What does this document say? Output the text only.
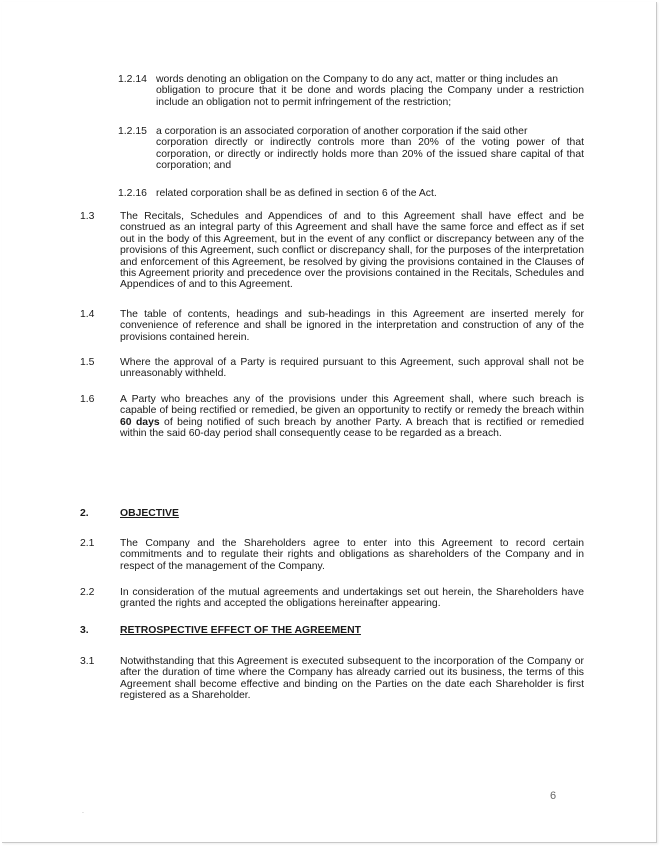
1.2.14 words denoting an obligation on the Company to do any act, matter or thing includes an
obligation to procure that it be done and words placing the Company under a restriction include an obligation not to permit infringement of the restriction;
1.2.15 a corporation is an associated corporation of another corporation if the said other
corporation directly or indirectly controls more than 20% of the voting power of that corporation, or directly or indirectly holds more than 20% of the issued share capital of that corporation; and
1.2.16 related corporation shall be as defined in section 6 of the Act.
1.3 The Recitals, Schedules and Appendices of and to this Agreement shall have effect and be construed as an integral party of this Agreement and shall have the same force and effect as if set out in the body of this Agreement, but in the event of any conflict or discrepancy between any of the provisions of this Agreement, such conflict or discrepancy shall, for the purposes of the interpretation and enforcement of this Agreement, be resolved by giving the provisions contained in the Clauses of this Agreement priority and precedence over the provisions contained in the Recitals, Schedules and Appendices of and to this Agreement.
1.4 The table of contents, headings and sub-headings in this Agreement are inserted merely for convenience of reference and shall be ignored in the interpretation and construction of any of the provisions contained herein.
1.5 Where the approval of a Party is required pursuant to this Agreement, such approval shall not be unreasonably withheld.
1.6 A Party who breaches any of the provisions under this Agreement shall, where such breach is capable of being rectified or remedied, be given an opportunity to rectify or remedy the breach within 60 days of being notified of such breach by another Party. A breach that is rectified or remedied within the said 60-day period shall consequently cease to be regarded as a breach.
2.	OBJECTIVE
2.1 The Company and the Shareholders agree to enter into this Agreement to record certain commitments and to regulate their rights and obligations as shareholders of the Company and in respect of the management of the Company.
2.2 In consideration of the mutual agreements and undertakings set out herein, the Shareholders have granted the rights and accepted the obligations hereinafter appearing.
3.	RETROSPECTIVE EFFECT OF THE AGREEMENT
3.1 Notwithstanding that this Agreement is executed subsequent to the incorporation of the Company or after the duration of time where the Company has already carried out its business, the terms of this Agreement shall become effective and binding on the Parties on the date each Shareholder is first registered as a Shareholder.
6
.
